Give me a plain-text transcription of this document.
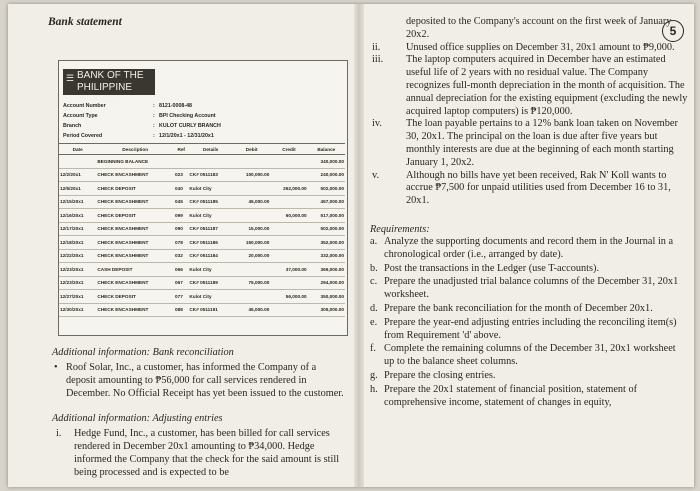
Bank statement
☰ BANK OF THE
PHILIPPINE ISLANDS
Account Number	: 8121-0008-48
Account Type	: BPI Checking Account
Branch	: KULOT CURLY BRANCH
Period Covered	: 12/1/20x1 - 12/31/20x1
Date	Description	Ref	Details	Debit	Credit	Balance
	BEGINNING BALANCE					340,000.00
12/2/20x1	CHECK ENCASHMENT	023	CK# 0511183	100,000.00		240,000.00
12/5/20x1	CHECK DEPOSIT	040	Kulot City		262,000.00	502,000.00
12/15/20x1	CHECK ENCASHMENT	045	CK# 0511185	45,000.00		457,000.00
12/16/20x1	CHECK DEPOSIT	099	Kulot City		60,000.00	517,000.00
12/17/20x1	CHECK ENCASHMENT	090	CK# 0511187	15,000.00		502,000.00
12/18/20x1	CHECK ENCASHMENT	078	CK# 0511186	150,000.00		352,000.00
12/22/20x1	CHECK ENCASHMENT	032	CK# 0511184	20,000.00		332,000.00
12/23/20x1	CASH DEPOSIT	066	Kulot City		37,000.00	369,000.00
12/23/20x1	CHECK ENCASHMENT	067	CK# 0511189	75,000.00		294,000.00
12/27/20x1	CHECK DEPOSIT	077	Kulot City		56,000.00	350,000.00
12/30/20x1	CHECK ENCASHMENT	088	CK# 0511191	45,000.00		305,000.00
Additional information: Bank reconciliation
• Roof Solar, Inc., a customer, has informed the Company of a deposit amounting to ₱56,000 for call services rendered in December. No Official Receipt has yet been issued to the customer.
Additional information: Adjusting entries
i. Hedge Fund, Inc., a customer, has been billed for call services rendered in December 20x1 amounting to ₱34,000. Hedge informed the Company that the check for the said amount is still being processed and is expected to be
5
deposited to the Company's account on the first week of January 20x2.
ii. Unused office supplies on December 31, 20x1 amount to ₱9,000.
iii. The laptop computers acquired in December have an estimated useful life of 2 years with no residual value. The Company recognizes full-month depreciation in the month of acquisition. The annual depreciation for the existing equipment (excluding the newly acquired laptop computers) is ₱120,000.
iv. The loan payable pertains to a 12% bank loan taken on November 30, 20x1. The principal on the loan is due after five years but monthly interests are due at the beginning of each month starting January 1, 20x2.
v.	Although no bills have yet been received, Rak N' Koll wants to accrue ₱7,500 for unpaid utilities used from December 16 to 31, 20x1.
Requirements:
a. Analyze the supporting documents and record them in the Journal in a chronological order (i.e., arranged by date).
b. Post the transactions in the Ledger (use T-accounts).
c. Prepare the unadjusted trial balance columns of the December 31, 20x1 worksheet.
d. Prepare the bank reconciliation for the month of December 20x1.
e. Prepare the year-end adjusting entries including the reconciling item(s) from Requirement 'd' above.
f. Complete the remaining columns of the December 31, 20x1 worksheet up to the balance sheet columns.
g. Prepare the closing entries.
h. Prepare the 20x1 statement of financial position, statement of comprehensive income, statement of changes in equity,
